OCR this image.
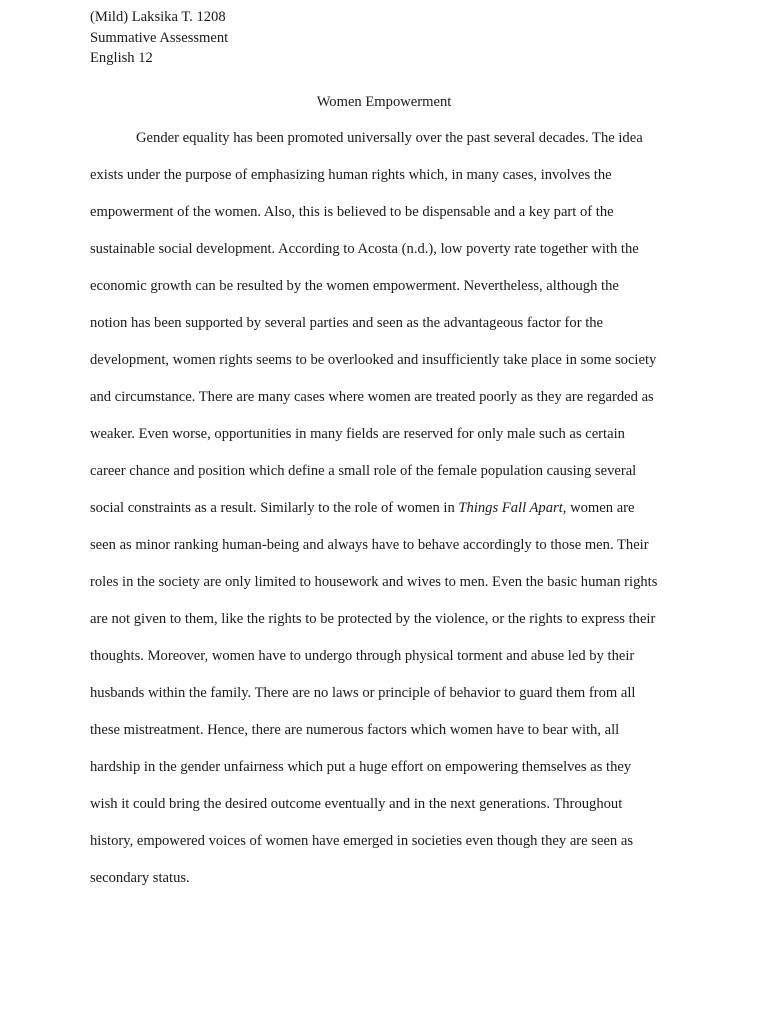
(Mild) Laksika T. 1208
Summative Assessment
English 12
Women Empowerment
Gender equality has been promoted universally over the past several decades. The idea
exists under the purpose of emphasizing human rights which, in many cases, involves the
empowerment of the women. Also, this is believed to be dispensable and a key part of the
sustainable social development. According to Acosta (n.d.), low poverty rate together with the
economic growth can be resulted by the women empowerment. Nevertheless, although the
notion has been supported by several parties and seen as the advantageous factor for the
development, women rights seems to be overlooked and insufficiently take place in some society
and circumstance. There are many cases where women are treated poorly as they are regarded as
weaker. Even worse, opportunities in many fields are reserved for only male such as certain
career chance and position which define a small role of the female population causing several
social constraints as a result. Similarly to the role of women in Things Fall Apart, women are
seen as minor ranking human-being and always have to behave accordingly to those men. Their
roles in the society are only limited to housework and wives to men. Even the basic human rights
are not given to them, like the rights to be protected by the violence, or the rights to express their
thoughts. Moreover, women have to undergo through physical torment and abuse led by their
husbands within the family. There are no laws or principle of behavior to guard them from all
these mistreatment. Hence, there are numerous factors which women have to bear with, all
hardship in the gender unfairness which put a huge effort on empowering themselves as they
wish it could bring the desired outcome eventually and in the next generations. Throughout
history, empowered voices of women have emerged in societies even though they are seen as
secondary status.
